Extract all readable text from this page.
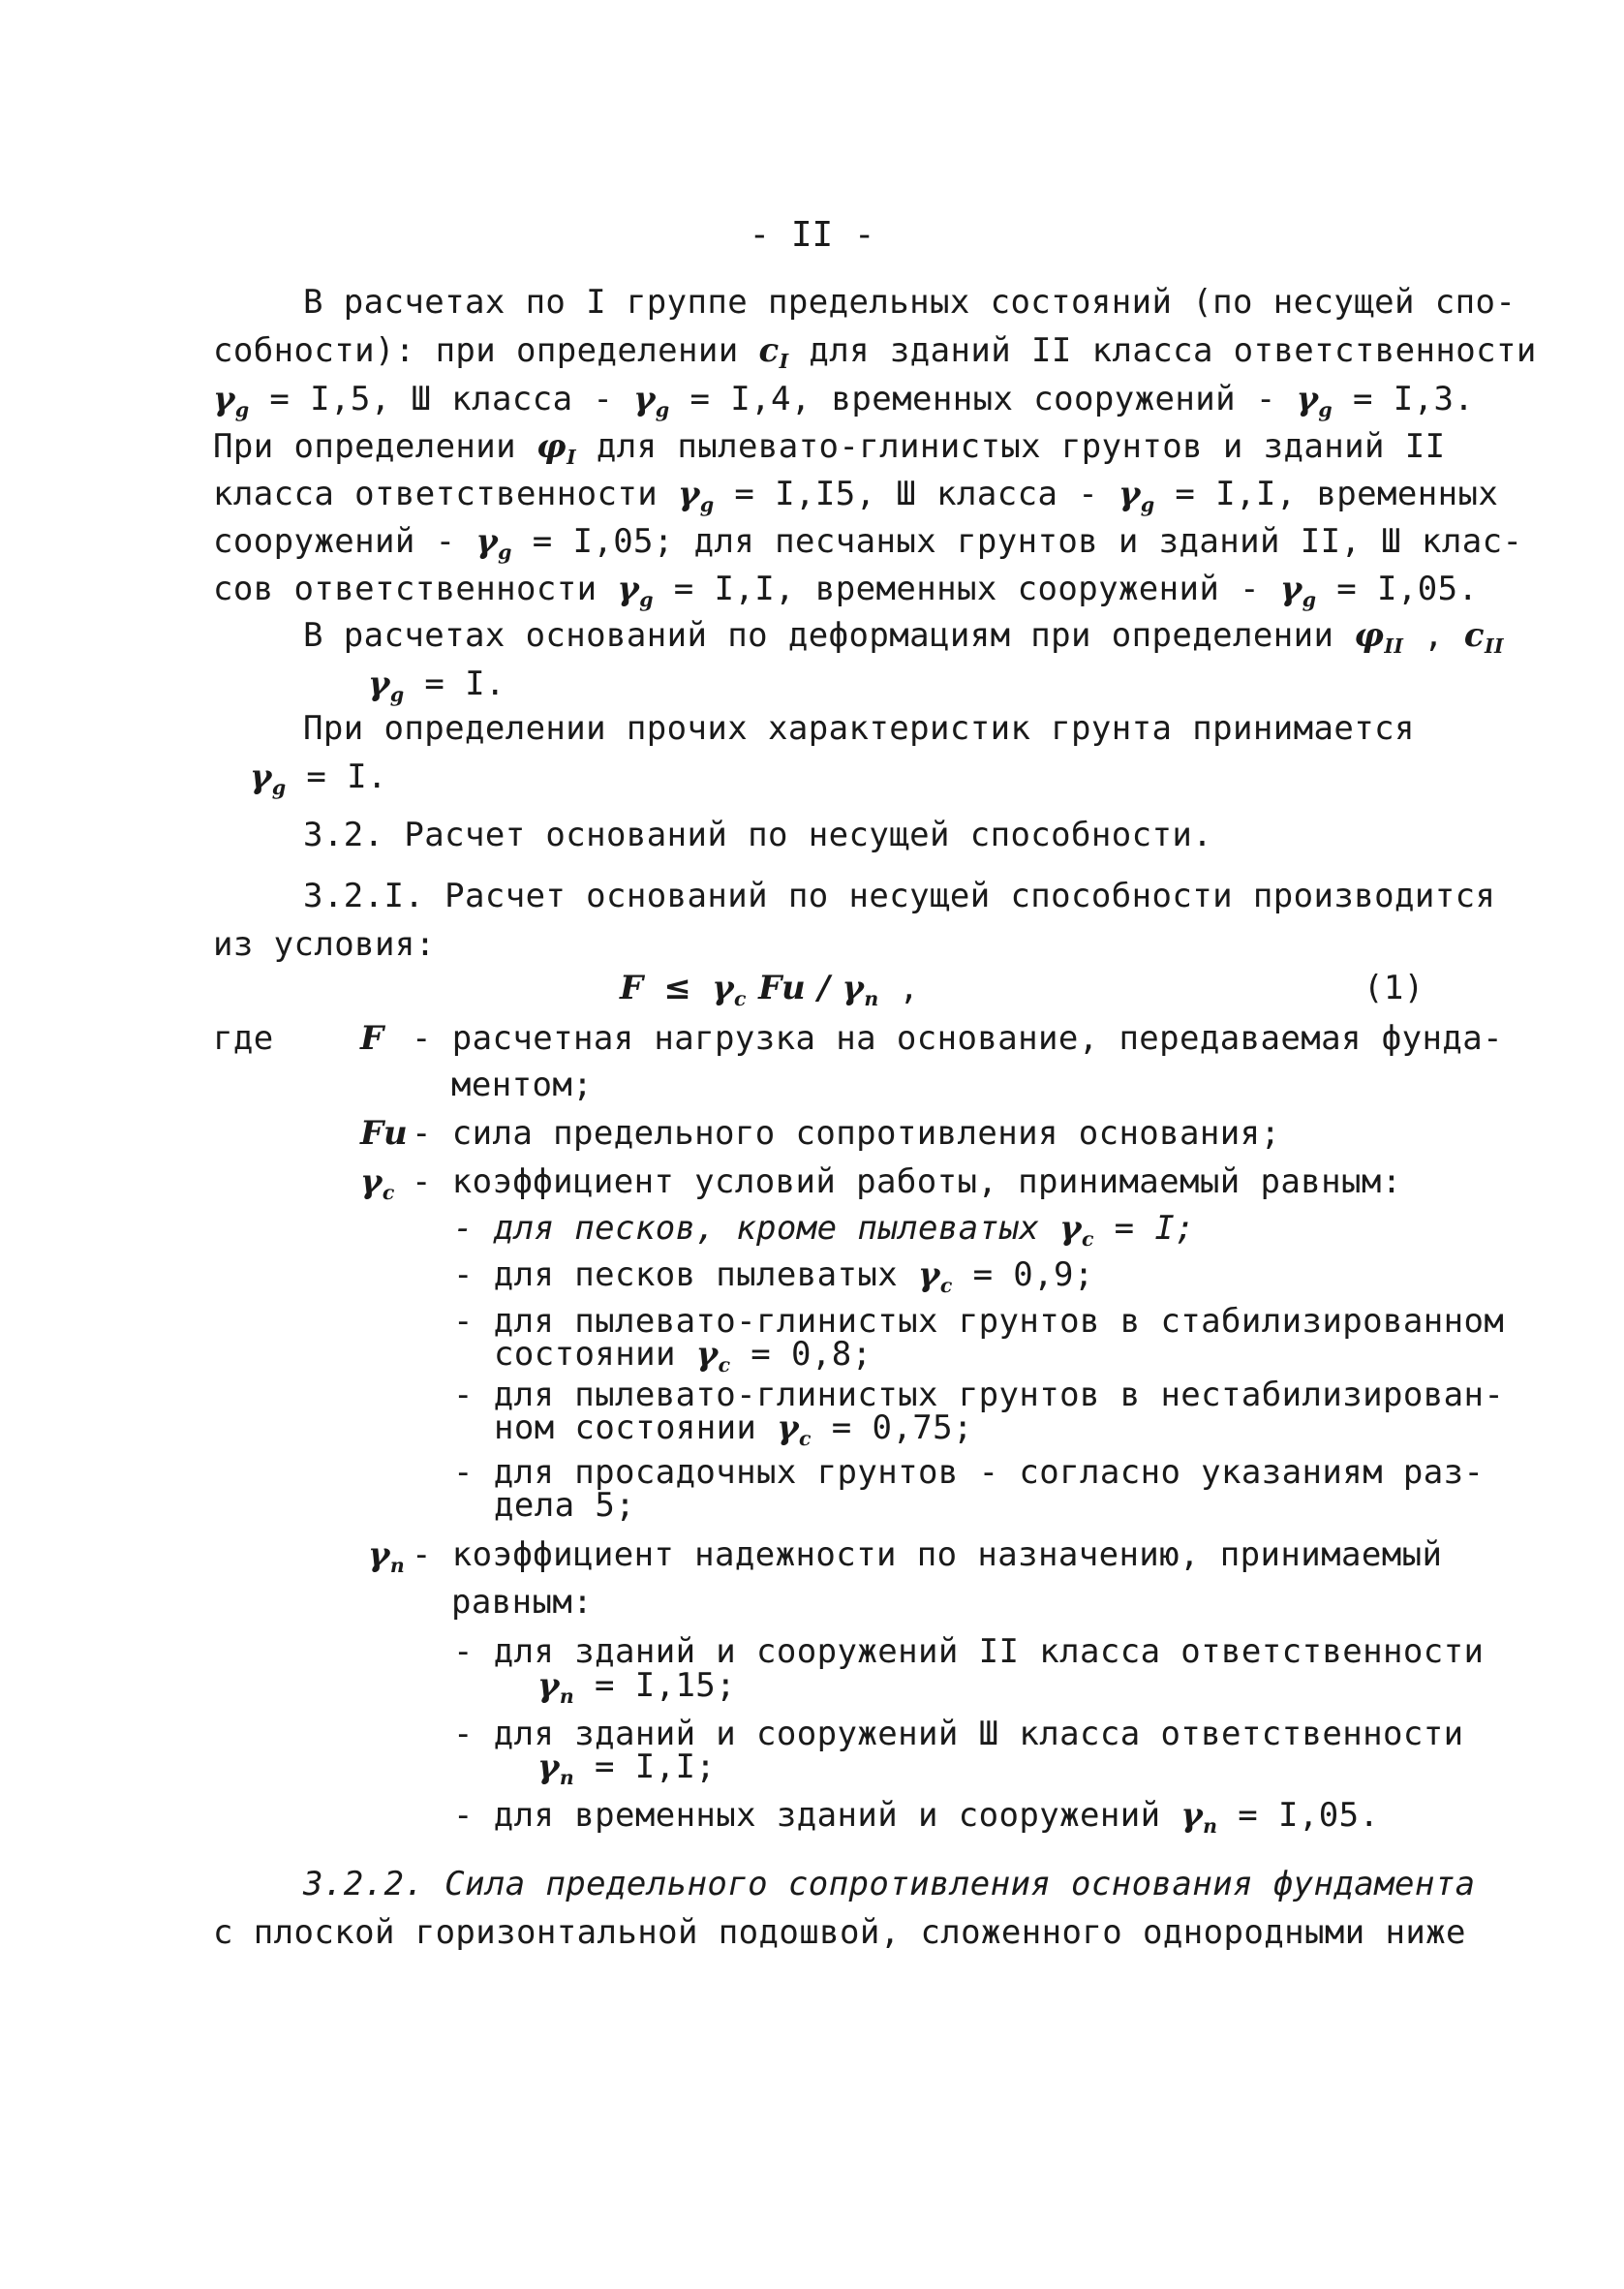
- II -
В расчетах по I группе предельных состояний (по несущей спо-
собности): при определении $c_I$ для зданий II класса ответственности
$\gamma_g = I,5$, Ш класса - $\gamma_g = I,4$, временных сооружений - $\gamma_g = I,3$.
При определении $\varphi_I$ для пылевато-глинистых грунтов и зданий II
класса ответственности $\gamma_g = I,I5$, Ш класса - $\gamma_g = I,I$, временных
сооружений - $\gamma_g = I,05$; для песчаных грунтов и зданий II, Ш клас-
сов ответственности $\gamma_g = I,I$, временных сооружений - $\gamma_g = I,05$.
В расчетах оснований по деформациям при определении $\varphi_{II}$ , $c_{II}$
$\gamma_g = I$.
При определении прочих характеристик грунта принимается
$\gamma_g = I$.
3.2. Расчет оснований по несущей способности.
3.2.I. Расчет оснований по несущей способности производится
из условия:
$F \le \gamma_c$ Fu / $\gamma_n$ ,	(1)
где	F - расчетная нагрузка на основание, передаваемая фунда-
ментом;
Fu - сила предельного сопротивления основания;
$\gamma_c$ - коэффициент условий работы, принимаемый равным:
- для песков, кроме пылеватых $\gamma_c = I$;
- для песков пылеватых $\gamma_c = 0,9$;
- для пылевато-глинистых грунтов в стабилизированном
состоянии $\gamma_c = 0,8$;
- для пылевато-глинистых грунтов в нестабилизирован-
ном состоянии $\gamma_c = 0,75$;
- для просадочных грунтов - согласно указаниям раз-
дела 5;
$\gamma_n$ - коэффициент надежности по назначению, принимаемый
равным:
- для зданий и сооружений II класса ответственности
$\gamma_n = I,15$;
- для зданий и сооружений Ш класса ответственности
$\gamma_n = I,I$;
- для временных зданий и сооружений $\gamma_n = I,05$.
3.2.2. Сила предельного сопротивления основания фундамента
с плоской горизонтальной подошвой, сложенного однородными ниже
